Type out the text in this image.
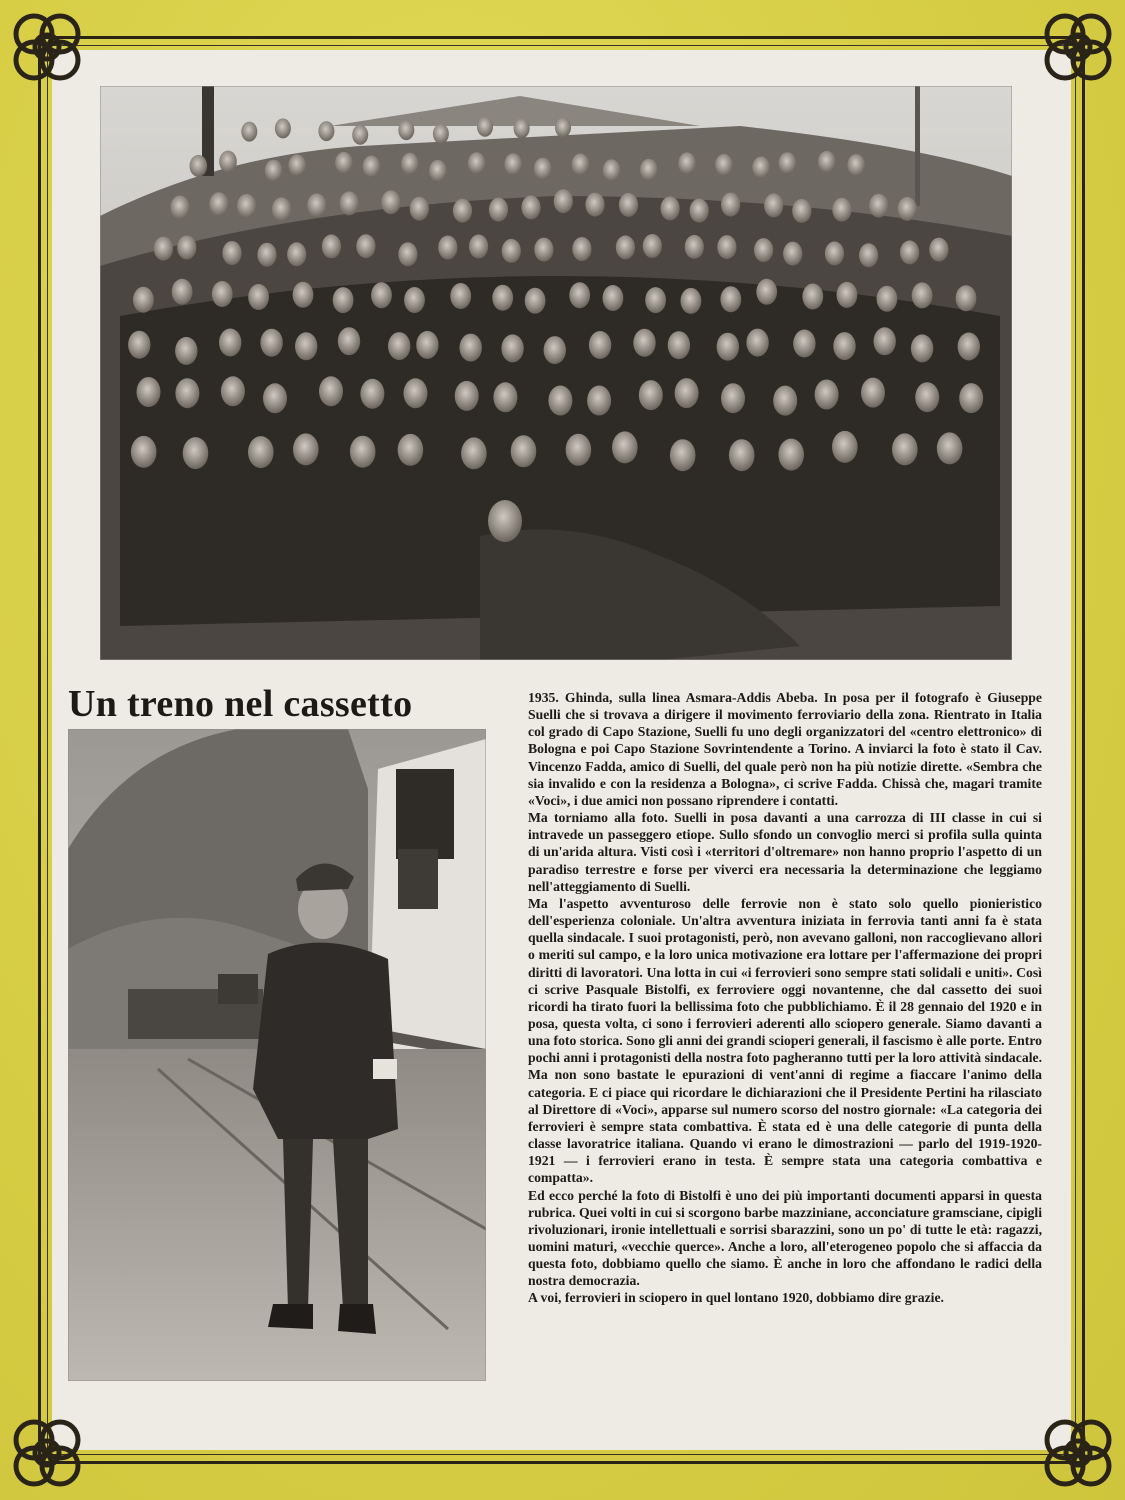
Un treno nel cassetto	1935. Ghinda, sulla linea Asmara-Addis Abeba. In posa per il fotografo è Giuseppe Suelli che si trovava a dirigere il movimento ferroviario della zona. Rientrato in Italia col grado di Capo Stazione, Suelli fu uno degli organizzatori del «centro elettronico» di Bologna e poi Capo Stazione Sovrintendente a Torino. A inviarci la foto è stato il Cav. Vincenzo Fadda, amico di Suelli, del quale però non ha più notizie dirette. «Sembra che sia invalido e con la residenza a Bologna», ci scrive Fadda. Chissà che, magari tramite «Voci», i due amici non possano riprendere i contatti.

Ma torniamo alla foto. Suelli in posa davanti a una carrozza di III classe in cui si intravede un passeggero etiope. Sullo sfondo un convoglio merci si profila sulla quinta di un'arida altura. Visti così i «territori d'oltremare» non hanno proprio l'aspetto di un paradiso terrestre e forse per viverci era necessaria la determinazione che leggiamo nell'atteggiamento di Suelli.

Ma l'aspetto avventuroso delle ferrovie non è stato solo quello pionieristico dell'esperienza coloniale. Un'altra avventura iniziata in ferrovia tanti anni fa è stata quella sindacale. I suoi protagonisti, però, non avevano galloni, non raccoglievano allori o meriti sul campo, e la loro unica motivazione era lottare per l'affermazione dei propri diritti di lavoratori. Una lotta in cui «i ferrovieri sono sempre stati solidali e uniti». Così ci scrive Pasquale Bistolfi, ex ferroviere oggi novantenne, che dal cassetto dei suoi ricordi ha tirato fuori la bellissima foto che pubblichiamo. È il 28 gennaio del 1920 e in posa, questa volta, ci sono i ferrovieri aderenti allo sciopero generale. Siamo davanti a una foto storica. Sono gli anni dei grandi scioperi generali, il fascismo è alle porte. Entro pochi anni i protagonisti della nostra foto pagheranno tutti per la loro attività sindacale. Ma non sono bastate le epurazioni di vent'anni di regime a fiaccare l'animo della categoria. E ci piace qui ricordare le dichiarazioni che il Presidente Pertini ha rilasciato al Direttore di «Voci», apparse sul numero scorso del nostro giornale: «La categoria dei ferrovieri è sempre stata combattiva. È stata ed è una delle categorie di punta della classe lavoratrice italiana. Quando vi erano le dimostrazioni — parlo del 1919-1920-1921 — i ferrovieri erano in testa. È sempre stata una categoria combattiva e compatta».

Ed ecco perché la foto di Bistolfi è uno dei più importanti documenti apparsi in questa rubrica. Quei volti in cui si scorgono barbe mazziniane, acconciature gramsciane, cipigli rivoluzionari, ironie intellettuali e sorrisi sbarazzini, sono un po' di tutte le età: ragazzi, uomini maturi, «vecchie querce». Anche a loro, all'eterogeneo popolo che si affaccia da questa foto, dobbiamo quello che siamo. È anche in loro che affondano le radici della nostra democrazia.

A voi, ferrovieri in sciopero in quel lontano 1920, dobbiamo dire grazie.
